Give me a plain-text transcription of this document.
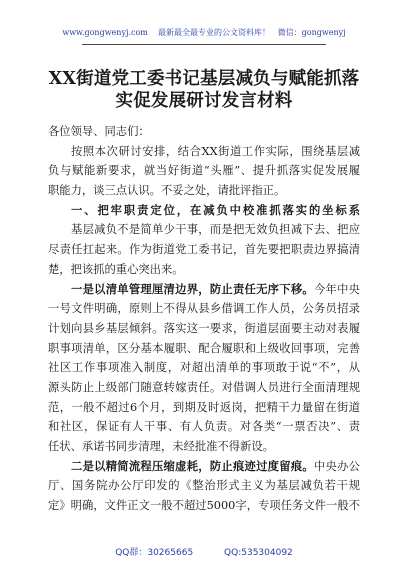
www.gongwenyj.com 最新最全最专业的公文资料库！ 微信：gongwenyj
XX街道党工委书记基层减负与赋能抓落
实促发展研讨发言材料
各位领导、同志们：
按照本次研讨安排，结合XX街道工作实际，围绕基层减
负与赋能新要求，就当好街道“头雁”、提升抓落实促发展履
职能力，谈三点认识。不妥之处，请批评指正。
一、把牢职责定位，在减负中校准抓落实的坐标系
基层减负不是简单少干事，而是把无效负担减下去、把应
尽责任扛起来。作为街道党工委书记，首先要把职责边界搞清
楚，把该抓的重心突出来。
一是以清单管理厘清边界，防止责任无序下移。今年中央
一号文件明确，原则上不得从县乡借调工作人员，公务员招录
计划向县乡基层倾斜。落实这一要求，街道层面要主动对表履
职事项清单，区分基本履职、配合履职和上级收回事项，完善
社区工作事项准入制度，对超出清单的事项敢于说“不”，从
源头防止上级部门随意转嫁责任。对借调人员进行全面清理规
范，一般不超过6个月，到期及时返岗，把精干力量留在街道
和社区，保证有人干事、有人负责。对各类“一票否决”、责
任状、承诺书同步清理，未经批准不得新设。
二是以精简流程压缩虚耗，防止痕迹过度留痕。中央办公
厅、国务院办公厅印发的《整治形式主义为基层减负若干规
定》明确，文件正文一般不超过5000字，专项任务文件一般不
QQ群：30265665	QQ:535304092
